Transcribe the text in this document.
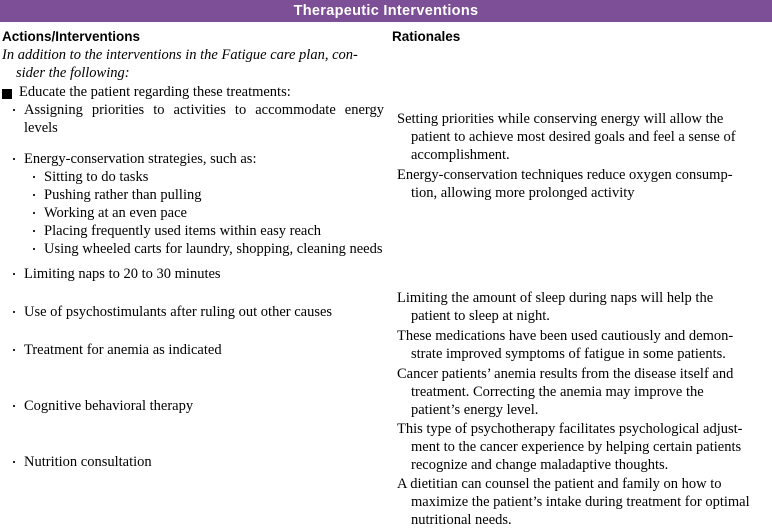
Therapeutic Interventions
Actions/Interventions	Rationales
In addition to the interventions in the Fatigue care plan, con-
sider the following:
Educate the patient regarding these treatments:
· Assigning priorities to activities to accommodate energy levels
· Energy-conservation strategies, such as:
· Sitting to do tasks
· Pushing rather than pulling
· Working at an even pace
· Placing frequently used items within easy reach
· Using wheeled carts for laundry, shopping, cleaning needs
· Limiting naps to 20 to 30 minutes
· Use of psychostimulants after ruling out other causes
· Treatment for anemia as indicated
· Cognitive behavioral therapy
· Nutrition consultation
Setting priorities while conserving energy will allow the
patient to achieve most desired goals and feel a sense of
accomplishment.
Energy-conservation techniques reduce oxygen consump-
tion, allowing more prolonged activity
Limiting the amount of sleep during naps will help the
patient to sleep at night.
These medications have been used cautiously and demon-
strate improved symptoms of fatigue in some patients.
Cancer patients’ anemia results from the disease itself and
treatment. Correcting the anemia may improve the
patient’s energy level.
This type of psychotherapy facilitates psychological adjust-
ment to the cancer experience by helping certain patients
recognize and change maladaptive thoughts.
A dietitian can counsel the patient and family on how to
maximize the patient’s intake during treatment for optimal
nutritional needs.
